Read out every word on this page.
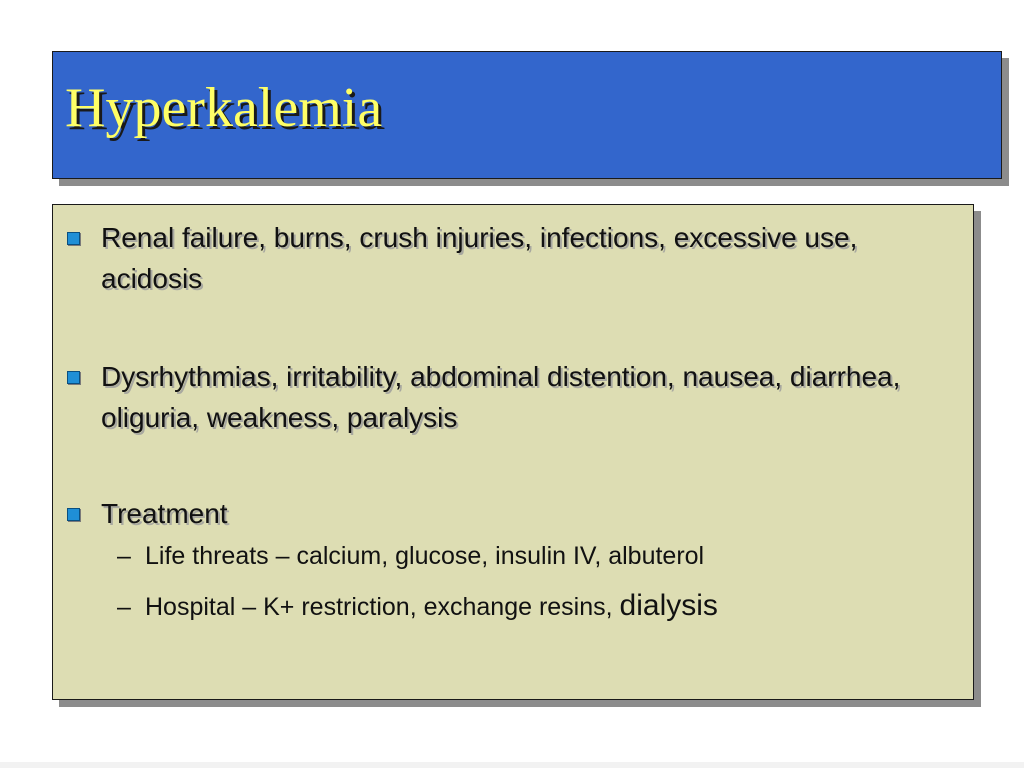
Hyperkalemia
Renal failure, burns, crush injuries, infections, excessive use, acidosis
Dysrhythmias, irritability, abdominal distention, nausea, diarrhea, oliguria, weakness, paralysis
Treatment
– Life threats – calcium, glucose, insulin IV, albuterol
– Hospital – K+ restriction, exchange resins, dialysis
